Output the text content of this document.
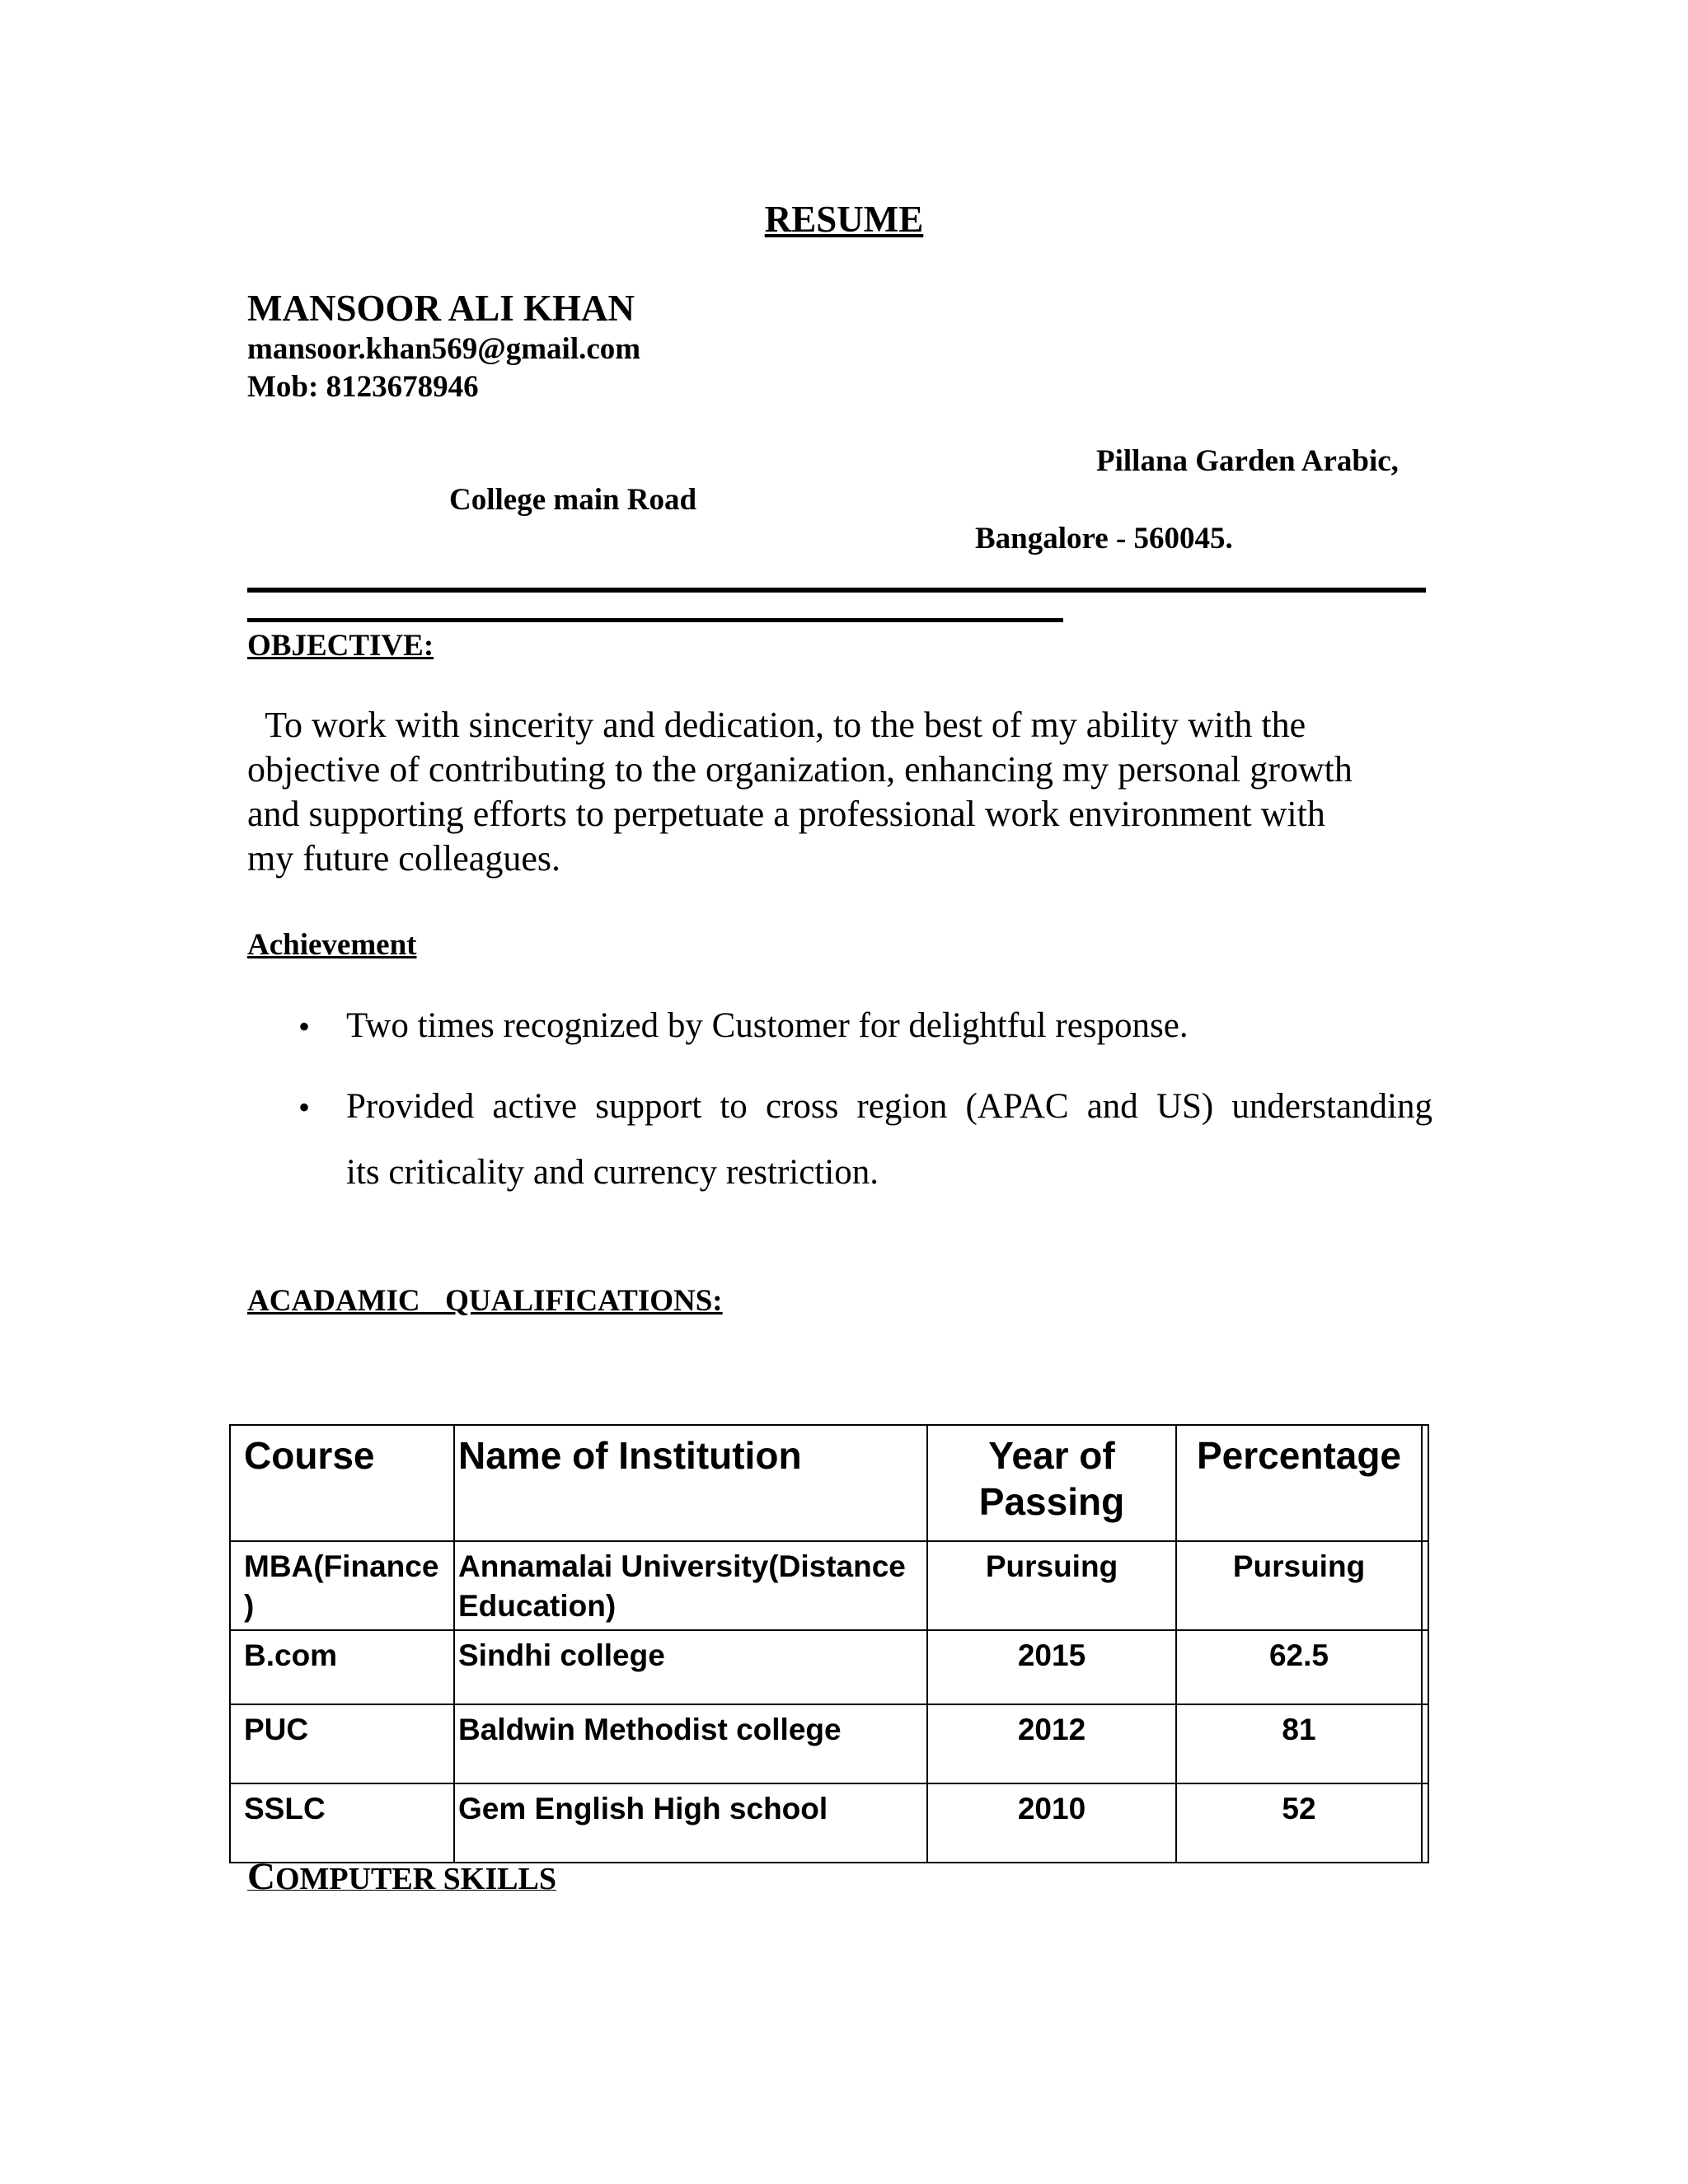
RESUME
MANSOOR ALI KHAN
mansoor.khan569@gmail.com
Mob: 8123678946
Pillana Garden Arabic,
College main Road
Bangalore - 560045.
OBJECTIVE:
To work with sincerity and dedication, to the best of my ability with the
objective of contributing to the organization, enhancing my personal growth
and supporting efforts to perpetuate a professional work environment with
my future colleagues.
Achievement
• Two times recognized by Customer for delightful response.
• Provided active support to cross region (APAC and US) understanding
its criticality and currency restriction.
ACADAMIC  QUALIFICATIONS:
Course	Name of Institution	Year of Passing	Percentage	
MBA(Finance )	Annamalai University(Distance Education)	Pursuing	Pursuing	
B.com	Sindhi college	2015	62.5	
PUC	Baldwin Methodist college	2012	81	
SSLC	Gem English High school	2010	52	
COMPUTER SKILLS
